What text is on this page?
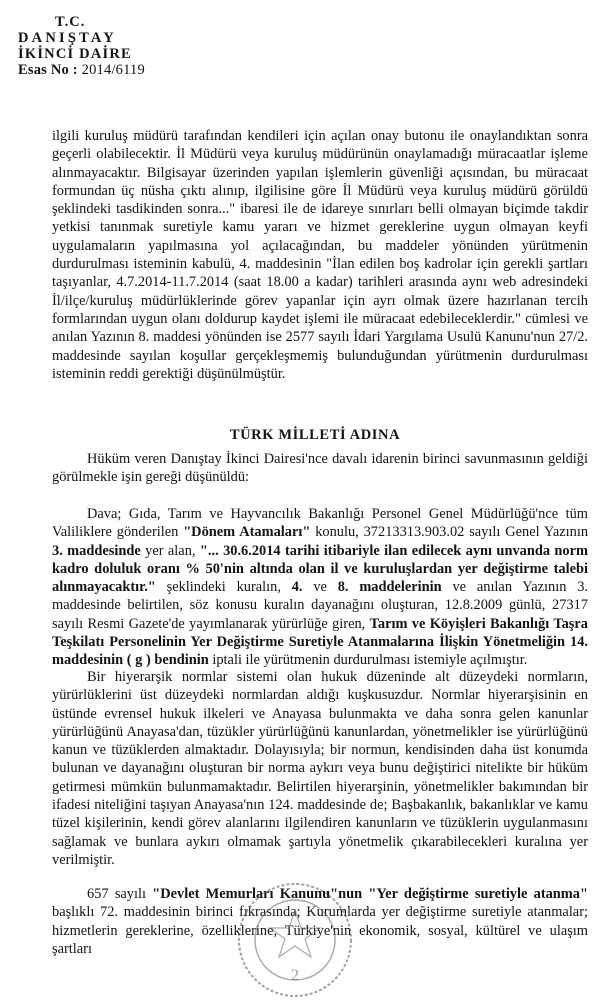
T.C.
DANIŞTAY
İKİNCİ DAİRE
Esas No : 2014/6119

ilgili kuruluş müdürü tarafından kendileri için açılan onay butonu ile onaylandıktan sonra geçerli olabilecektir. İl Müdürü veya kuruluş müdürünün onaylamadığı müracaatlar işleme alınmayacaktır. Bilgisayar üzerinden yapılan işlemlerin güvenliği açısından, bu müracaat formundan üç nüsha çıktı alınıp, ilgilisine göre İl Müdürü veya kuruluş müdürü görüldü şeklindeki tasdikinden sonra..." ibaresi ile de idareye sınırları belli olmayan biçimde takdir yetkisi tanınmak suretiyle kamu yararı ve hizmet gereklerine uygun olmayan keyfi uygulamaların yapılmasına yol açılacağından, bu maddeler yönünden yürütmenin durdurulması isteminin kabulü, 4. maddesinin "İlan edilen boş kadrolar için gerekli şartları taşıyanlar, 4.7.2014-11.7.2014 (saat 18.00 a kadar) tarihleri arasında aynı web adresindeki İl/ilçe/kuruluş müdürlüklerinde görev yapanlar için ayrı olmak üzere hazırlanan tercih formlarından uygun olanı doldurup kaydet işlemi ile müracaat edebileceklerdir." cümlesi ve anılan Yazının 8. maddesi yönünden ise 2577 sayılı İdari Yargılama Usulü Kanunu'nun 27/2. maddesinde sayılan koşullar gerçekleşmemiş bulunduğundan yürütmenin durdurulması isteminin reddi gerektiği düşünülmüştür.

TÜRK MİLLETİ ADINA

Hüküm veren Danıştay İkinci Dairesi'nce davalı idarenin birinci savunmasının geldiği görülmekle işin gereği düşünüldü:

Dava; Gıda, Tarım ve Hayvancılık Bakanlığı Personel Genel Müdürlüğü'nce tüm Valiliklere gönderilen "Dönem Atamaları" konulu, 37213313.903.02 sayılı Genel Yazının 3. maddesinde yer alan, "... 30.6.2014 tarihi itibariyle ilan edilecek aynı unvanda norm kadro doluluk oranı % 50'nin altında olan il ve kuruluşlardan yer değiştirme talebi alınmayacaktır." şeklindeki kuralın, 4. ve 8. maddelerinin ve anılan Yazının 3. maddesinde belirtilen, söz konusu kuralın dayanağını oluşturan, 12.8.2009 günlü, 27317 sayılı Resmi Gazete'de yayımlanarak yürürlüğe giren, Tarım ve Köyişleri Bakanlığı Taşra Teşkilatı Personelinin Yer Değiştirme Suretiyle Atanmalarına İlişkin Yönetmeliğin 14. maddesinin ( g ) bendinin iptali ile yürütmenin durdurulması istemiyle açılmıştır.

Bir hiyerarşik normlar sistemi olan hukuk düzeninde alt düzeydeki normların, yürürlüklerini üst düzeydeki normlardan aldığı kuşkusuzdur. Normlar hiyerarşisinin en üstünde evrensel hukuk ilkeleri ve Anayasa bulunmakta ve daha sonra gelen kanunlar yürürlüğünü Anayasa'dan, tüzükler yürürlüğünü kanunlardan, yönetmelikler ise yürürlüğünü kanun ve tüzüklerden almaktadır. Dolayısıyla; bir normun, kendisinden daha üst konumda bulunan ve dayanağını oluşturan bir norma aykırı veya bunu değiştirici nitelikte bir hüküm getirmesi mümkün bulunmamaktadır. Belirtilen hiyerarşinin, yönetmelikler bakımından bir ifadesi niteliğini taşıyan Anayasa'nın 124. maddesinde de; Başbakanlık, bakanlıklar ve kamu tüzel kişilerinin, kendi görev alanlarını ilgilendiren kanunların ve tüzüklerin uygulanmasını sağlamak ve bunlara aykırı olmamak şartıyla yönetmelik çıkarabilecekleri kuralına yer verilmiştir.

657 sayılı "Devlet Memurları Kanunu"nun "Yer değiştirme suretiyle atanma" başlıklı 72. maddesinin birinci fıkrasında; Kurumlarda yer değiştirme suretiyle atanmalar; hizmetlerin gereklerine, özelliklerine, Türkiye'nin ekonomik, sosyal, kültürel ve ulaşım şartları

2
